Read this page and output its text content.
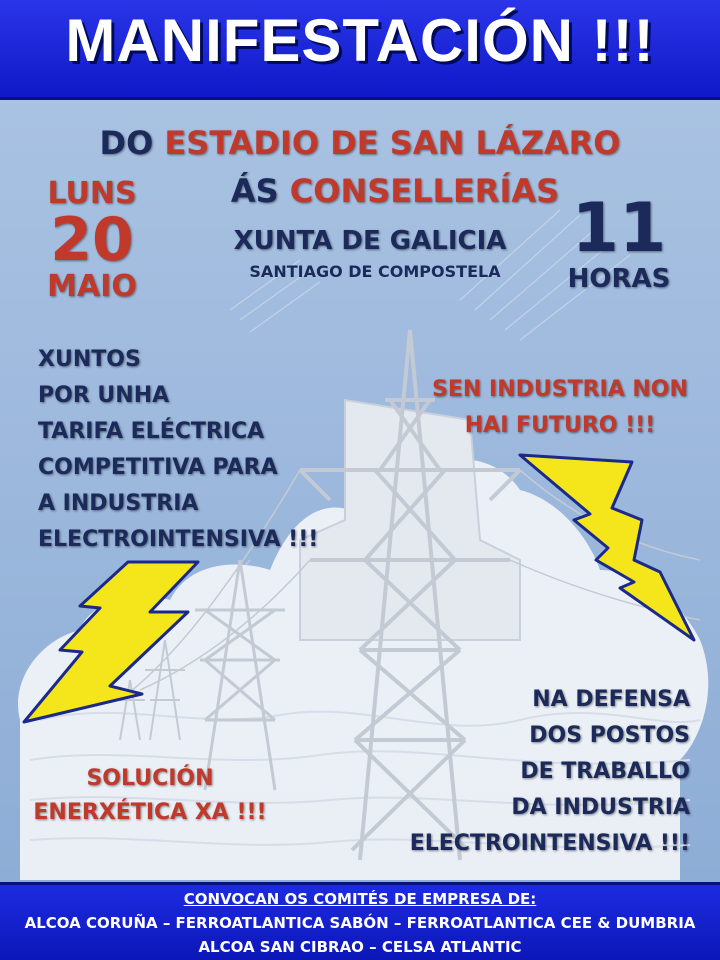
MANIFESTACIÓN !!!
DO ESTADIO DE SAN LÁZARO
ÁS CONSELLERÍAS
XUNTA DE GALICIA
SANTIAGO DE COMPOSTELA
LUNS
20
MAIO
11
HORAS
XUNTOS
POR UNHA
TARIFA ELÉCTRICA
COMPETITIVA PARA
A INDUSTRIA
ELECTROINTENSIVA !!!
SEN INDUSTRIA NON
HAI FUTURO !!!
SOLUCIÓN
ENERXÉTICA XA !!!
NA DEFENSA
DOS POSTOS
DE TRABALLO
DA INDUSTRIA
ELECTROINTENSIVA !!!
CONVOCAN OS COMITÉS DE EMPRESA DE:
ALCOA CORUÑA – FERROATLANTICA SABÓN – FERROATLANTICA CEE & DUMBRIA
ALCOA SAN CIBRAO – CELSA ATLANTIC
